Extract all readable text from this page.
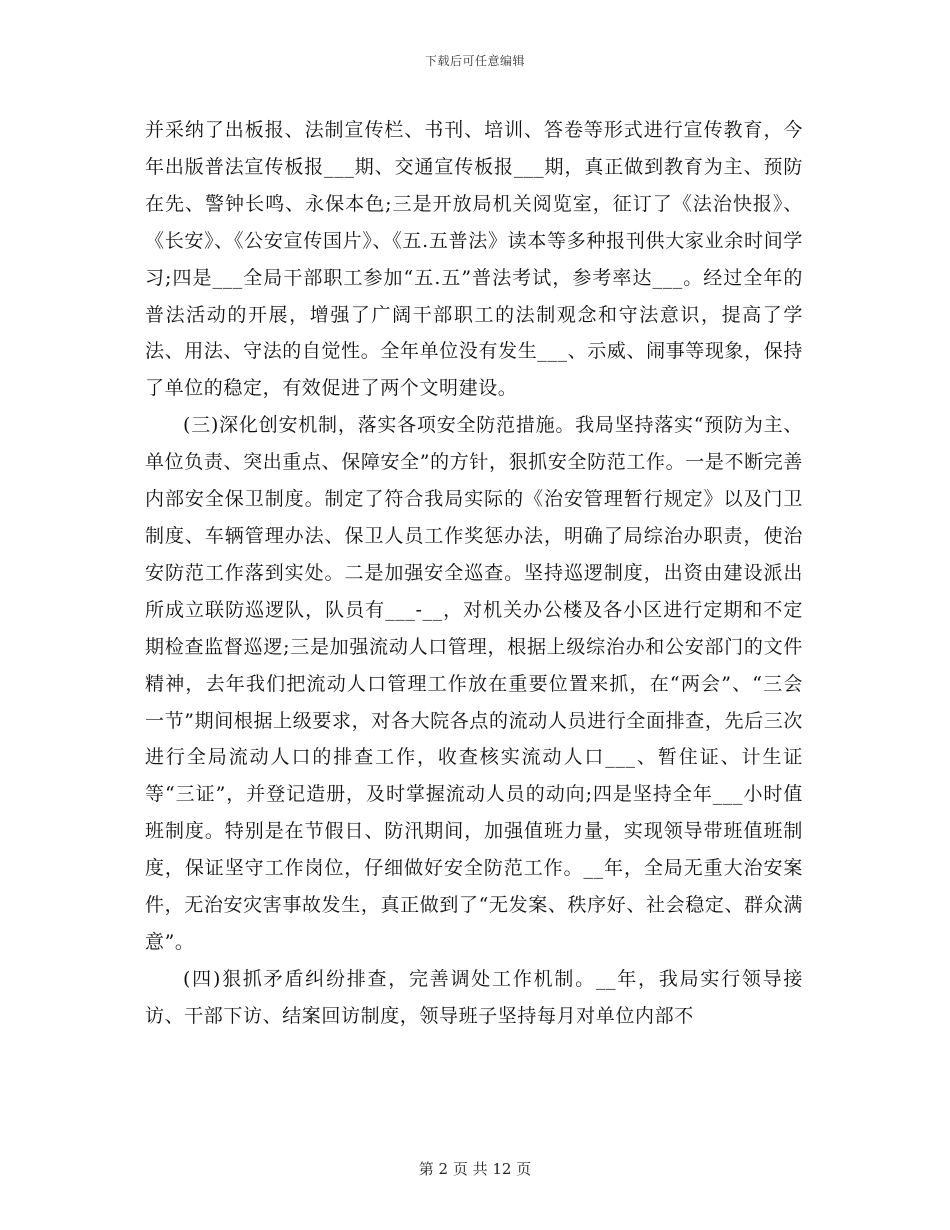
下载后可任意编辑

并采纳了出板报、法制宣传栏、书刊、培训、答卷等形式进行宣传教育，今年出版普法宣传板报___期、交通宣传板报___期，真正做到教育为主、预防在先、警钟长鸣、永保本色;三是开放局机关阅览室，征订了《法治快报》、《长安》、《公安宣传国片》、《五.五普法》读本等多种报刊供大家业余时间学习;四是___全局干部职工参加“五.五”普法考试，参考率达___。经过全年的普法活动的开展，增强了广阔干部职工的法制观念和守法意识，提高了学法、用法、守法的自觉性。全年单位没有发生___、示威、闹事等现象，保持了单位的稳定，有效促进了两个文明建设。

(三)深化创安机制，落实各项安全防范措施。我局坚持落实“预防为主、单位负责、突出重点、保障安全”的方针，狠抓安全防范工作。一是不断完善内部安全保卫制度。制定了符合我局实际的《治安管理暂行规定》以及门卫制度、车辆管理办法、保卫人员工作奖惩办法，明确了局综治办职责，使治安防范工作落到实处。二是加强安全巡查。坚持巡逻制度，出资由建设派出所成立联防巡逻队，队员有___-__，对机关办公楼及各小区进行定期和不定期检查监督巡逻;三是加强流动人口管理，根据上级综治办和公安部门的文件精神，去年我们把流动人口管理工作放在重要位置来抓，在“两会”、“三会一节”期间根据上级要求，对各大院各点的流动人员进行全面排查，先后三次进行全局流动人口的排查工作，收查核实流动人口___、暂住证、计生证等“三证”，并登记造册，及时掌握流动人员的动向;四是坚持全年___小时值班制度。特别是在节假日、防汛期间，加强值班力量，实现领导带班值班制度，保证坚守工作岗位，仔细做好安全防范工作。__年，全局无重大治安案件，无治安灾害事故发生，真正做到了“无发案、秩序好、社会稳定、群众满意”。

(四)狠抓矛盾纠纷排查，完善调处工作机制。__年，我局实行领导接访、干部下访、结案回访制度，领导班子坚持每月对单位内部不

第 2 页 共 12 页
